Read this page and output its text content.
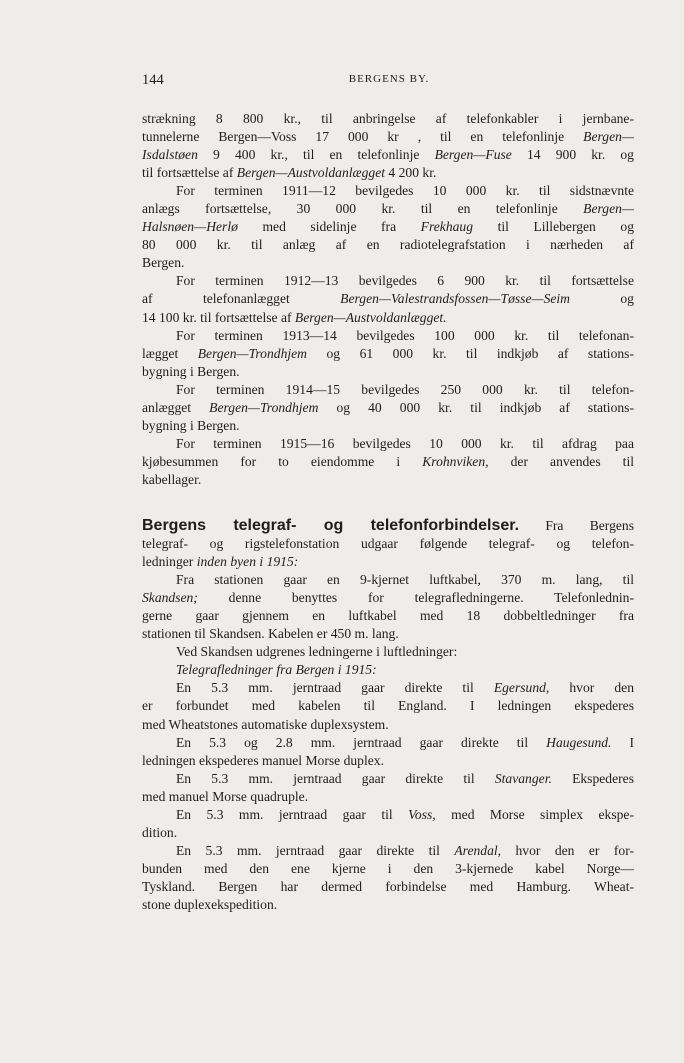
144	BERGENS BY.
strækning 8 800 kr., til anbringelse af telefonkabler i jernbane-
tunnelerne Bergen—Voss 17 000 kr , til en telefonlinje Bergen—
Isdalstøen 9 400 kr., til en telefonlinje Bergen—Fuse 14 900 kr. og
til fortsættelse af Bergen—Austvoldanlægget 4 200 kr.
For terminen 1911—12 bevilgedes 10 000 kr. til sidstnævnte
anlægs fortsættelse, 30 000 kr. til en telefonlinje Bergen—
Halsnøen—Herlø med sidelinje fra Frekhaug til Lillebergen og
80 000 kr. til anlæg af en radiotelegrafstation i nærheden af
Bergen.
For terminen 1912—13 bevilgedes 6 900 kr. til fortsættelse
af telefonanlægget Bergen—Valestrandsfossen—Tøsse—Seim og
14 100 kr. til fortsættelse af Bergen—Austvoldanlægget.
For terminen 1913—14 bevilgedes 100 000 kr. til telefonan-
lægget Bergen—Trondhjem og 61 000 kr. til indkjøb af stations-
bygning i Bergen.
For terminen 1914—15 bevilgedes 250 000 kr. til telefon-
anlægget Bergen—Trondhjem og 40 000 kr. til indkjøb af stations-
bygning i Bergen.
For terminen 1915—16 bevilgedes 10 000 kr. til afdrag paa
kjøbesummen for to eiendomme i Krohnviken, der anvendes til
kabellager.
Bergens telegraf- og telefonforbindelser. Fra Bergens
telegraf- og rigstelefonstation udgaar følgende telegraf- og telefon-
ledninger inden byen i 1915:
Fra stationen gaar en 9-kjernet luftkabel, 370 m. lang, til
Skandsen; denne benyttes for telegrafledningerne. Telefonlednin-
gerne gaar gjennem en luftkabel med 18 dobbeltledninger fra
stationen til Skandsen. Kabelen er 450 m. lang.
Ved Skandsen udgrenes ledningerne i luftledninger:
Telegrafledninger fra Bergen i 1915:
En 5.3 mm. jerntraad gaar direkte til Egersund, hvor den
er forbundet med kabelen til England. I ledningen ekspederes
med Wheatstones automatiske duplexsystem.
En 5.3 og 2.8 mm. jerntraad gaar direkte til Haugesund. I
ledningen ekspederes manuel Morse duplex.
En 5.3 mm. jerntraad gaar direkte til Stavanger. Ekspederes
med manuel Morse quadruple.
En 5.3 mm. jerntraad gaar til Voss, med Morse simplex ekspe-
dition.
En 5.3 mm. jerntraad gaar direkte til Arendal, hvor den er for-
bunden med den ene kjerne i den 3-kjernede kabel Norge—
Tyskland. Bergen har dermed forbindelse med Hamburg. Wheat-
stone duplexekspedition.
